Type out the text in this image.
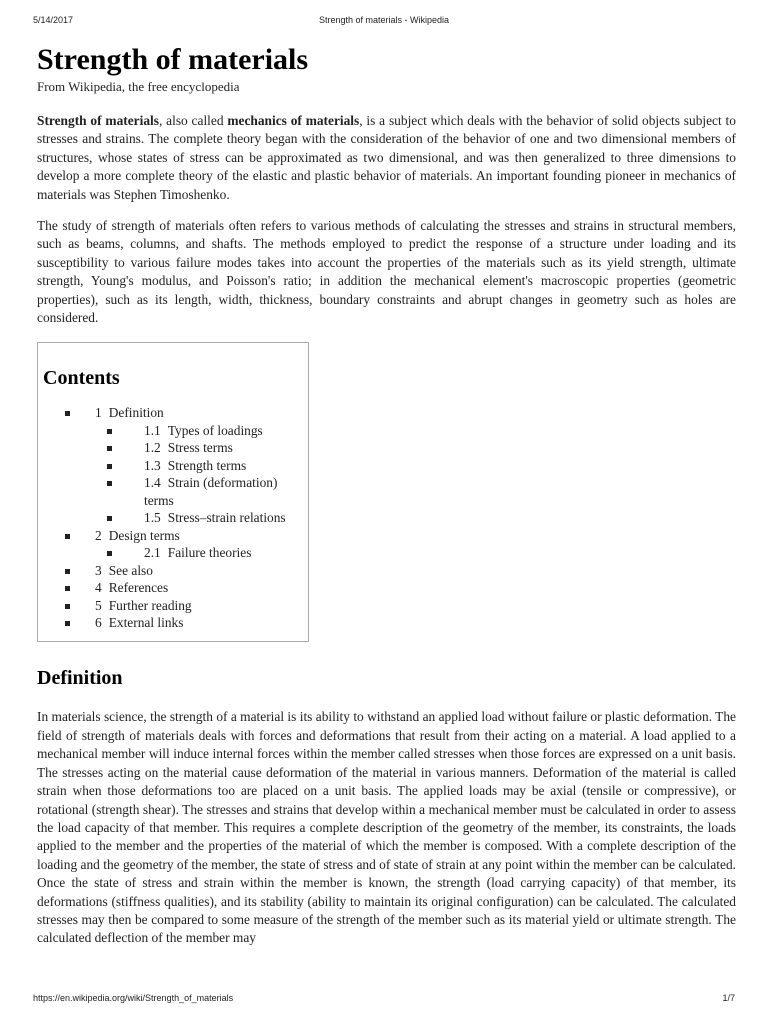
5/14/2017	Strength of materials - Wikipedia
Strength of materials
From Wikipedia, the free encyclopedia

Strength of materials, also called mechanics of materials, is a subject which deals with the behavior of solid objects subject to stresses and strains. The complete theory began with the consideration of the behavior of one and two dimensional members of structures, whose states of stress can be approximated as two dimensional, and was then generalized to three dimensions to develop a more complete theory of the elastic and plastic behavior of materials. An important founding pioneer in mechanics of materials was Stephen Timoshenko.

The study of strength of materials often refers to various methods of calculating the stresses and strains in structural members, such as beams, columns, and shafts. The methods employed to predict the response of a structure under loading and its susceptibility to various failure modes takes into account the properties of the materials such as its yield strength, ultimate strength, Young's modulus, and Poisson's ratio; in addition the mechanical element's macroscopic properties (geometric properties), such as its length, width, thickness, boundary constraints and abrupt changes in geometry such as holes are considered.

Contents
1 Definition
1.1 Types of loadings
1.2 Stress terms
1.3 Strength terms
1.4 Strain (deformation) terms
1.5 Stress–strain relations
2 Design terms
2.1 Failure theories
3 See also
4 References
5 Further reading
6 External links
Definition

In materials science, the strength of a material is its ability to withstand an applied load without failure or plastic deformation. The field of strength of materials deals with forces and deformations that result from their acting on a material. A load applied to a mechanical member will induce internal forces within the member called stresses when those forces are expressed on a unit basis. The stresses acting on the material cause deformation of the material in various manners. Deformation of the material is called strain when those deformations too are placed on a unit basis. The applied loads may be axial (tensile or compressive), or rotational (strength shear). The stresses and strains that develop within a mechanical member must be calculated in order to assess the load capacity of that member. This requires a complete description of the geometry of the member, its constraints, the loads applied to the member and the properties of the material of which the member is composed. With a complete description of the loading and the geometry of the member, the state of stress and of state of strain at any point within the member can be calculated. Once the state of stress and strain within the member is known, the strength (load carrying capacity) of that member, its deformations (stiffness qualities), and its stability (ability to maintain its original configuration) can be calculated. The calculated stresses may then be compared to some measure of the strength of the member such as its material yield or ultimate strength. The calculated deflection of the member may

https://en.wikipedia.org/wiki/Strength_of_materials	1/7
